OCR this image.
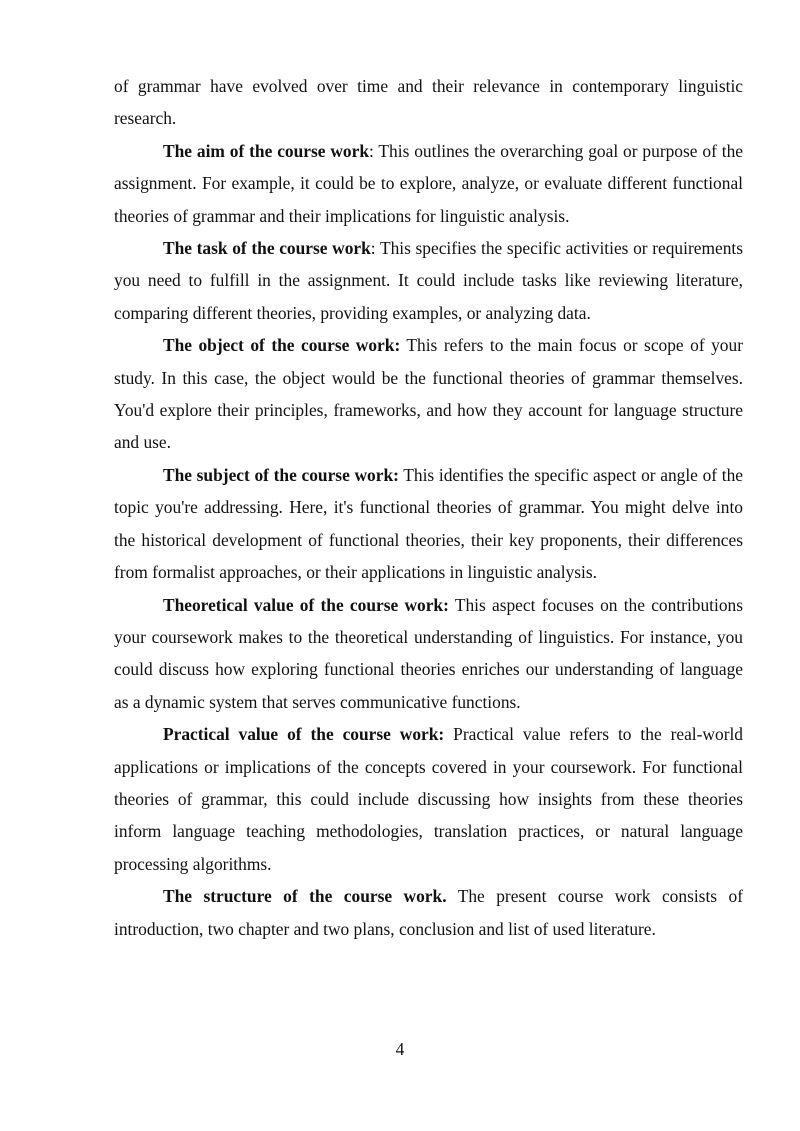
of grammar have evolved over time and their relevance in contemporary linguistic research.

The aim of the course work: This outlines the overarching goal or purpose of the assignment. For example, it could be to explore, analyze, or evaluate different functional theories of grammar and their implications for linguistic analysis.

The task of the course work: This specifies the specific activities or requirements you need to fulfill in the assignment. It could include tasks like reviewing literature, comparing different theories, providing examples, or analyzing data.

The object of the course work: This refers to the main focus or scope of your study. In this case, the object would be the functional theories of grammar themselves. You'd explore their principles, frameworks, and how they account for language structure and use.

The subject of the course work: This identifies the specific aspect or angle of the topic you're addressing. Here, it's functional theories of grammar. You might delve into the historical development of functional theories, their key proponents, their differences from formalist approaches, or their applications in linguistic analysis.

Theoretical value of the course work: This aspect focuses on the contributions your coursework makes to the theoretical understanding of linguistics. For instance, you could discuss how exploring functional theories enriches our understanding of language as a dynamic system that serves communicative functions.

Practical value of the course work: Practical value refers to the real-world applications or implications of the concepts covered in your coursework. For functional theories of grammar, this could include discussing how insights from these theories inform language teaching methodologies, translation practices, or natural language processing algorithms.

The structure of the course work. The present course work consists of introduction, two chapter and two plans, conclusion and list of used literature.

4
